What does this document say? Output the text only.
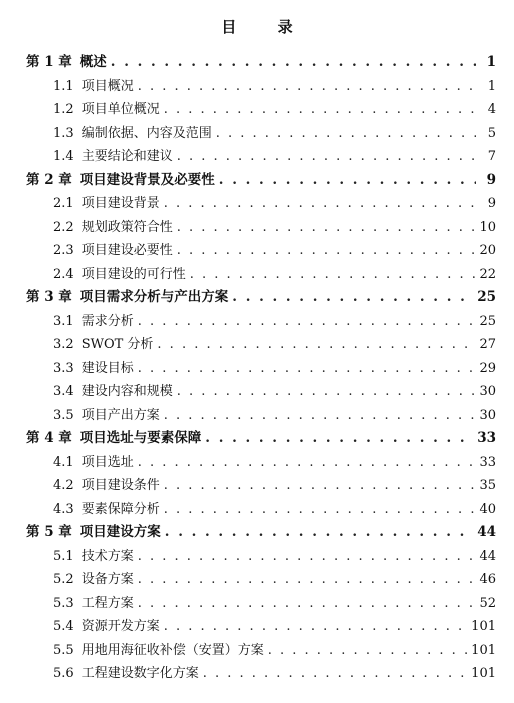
目 录
第 1 章 概述 . . .	1
1.1 项目概况 . . .	1
1.2 项目单位概况 . . .	4
1.3 编制依据、内容及范围 . . .	5
1.4 主要结论和建议 . . .	7
第 2 章 项目建设背景及必要性 . . .	9
2.1 项目建设背景 . . .	9
2.2 规划政策符合性 . . .	10
2.3 项目建设必要性 . . .	20
2.4 项目建设的可行性 . . .	22
第 3 章 项目需求分析与产出方案 . . .	25
3.1 需求分析 . . .	25
3.2 SWOT 分析 . . .	27
3.3 建设目标 . . .	29
3.4 建设内容和规模 . . .	30
3.5 项目产出方案 . . .	30
第 4 章 项目选址与要素保障 . . .	33
4.1 项目选址 . . .	33
4.2 项目建设条件 . . .	35
4.3 要素保障分析 . . .	40
第 5 章 项目建设方案 . . .	44
5.1 技术方案 . . .	44
5.2 设备方案 . . .	46
5.3 工程方案 . . .	52
5.4 资源开发方案 . . .	101
5.5 用地用海征收补偿（安置）方案 . . .	101
5.6 工程建设数字化方案 . . .	101
